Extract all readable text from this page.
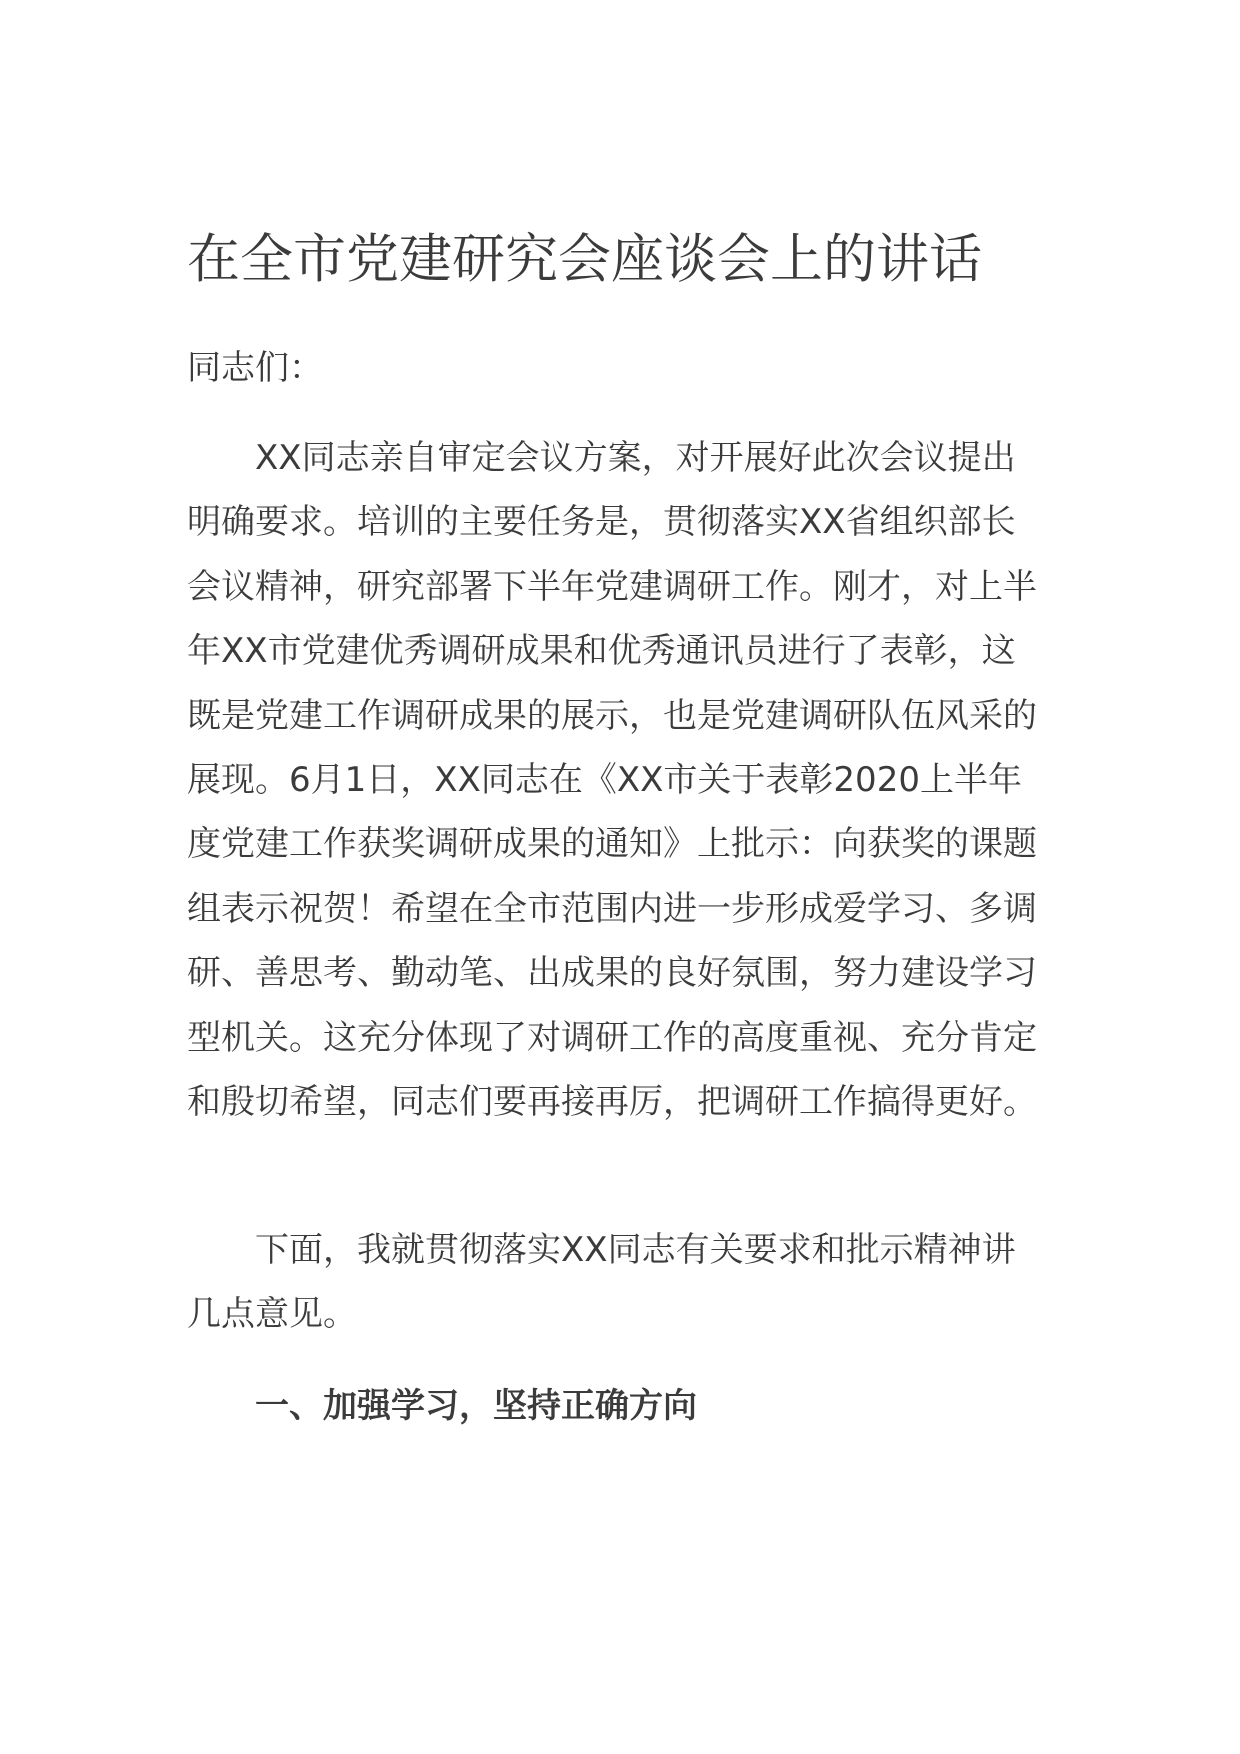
在全市党建研究会座谈会上的讲话

同志们：

XX同志亲自审定会议方案，对开展好此次会议提出明确要求。培训的主要任务是，贯彻落实XX省组织部长会议精神，研究部署下半年党建调研工作。刚才，对上半年XX市党建优秀调研成果和优秀通讯员进行了表彰，这既是党建工作调研成果的展示，也是党建调研队伍风采的展现。6月1日，XX同志在《XX市关于表彰2020上半年度党建工作获奖调研成果的通知》上批示：向获奖的课题组表示祝贺！希望在全市范围内进一步形成爱学习、多调研、善思考、勤动笔、出成果的良好氛围，努力建设学习型机关。这充分体现了对调研工作的高度重视、充分肯定和殷切希望，同志们要再接再厉，把调研工作搞得更好。

下面，我就贯彻落实XX同志有关要求和批示精神讲几点意见。

一、加强学习，坚持正确方向
